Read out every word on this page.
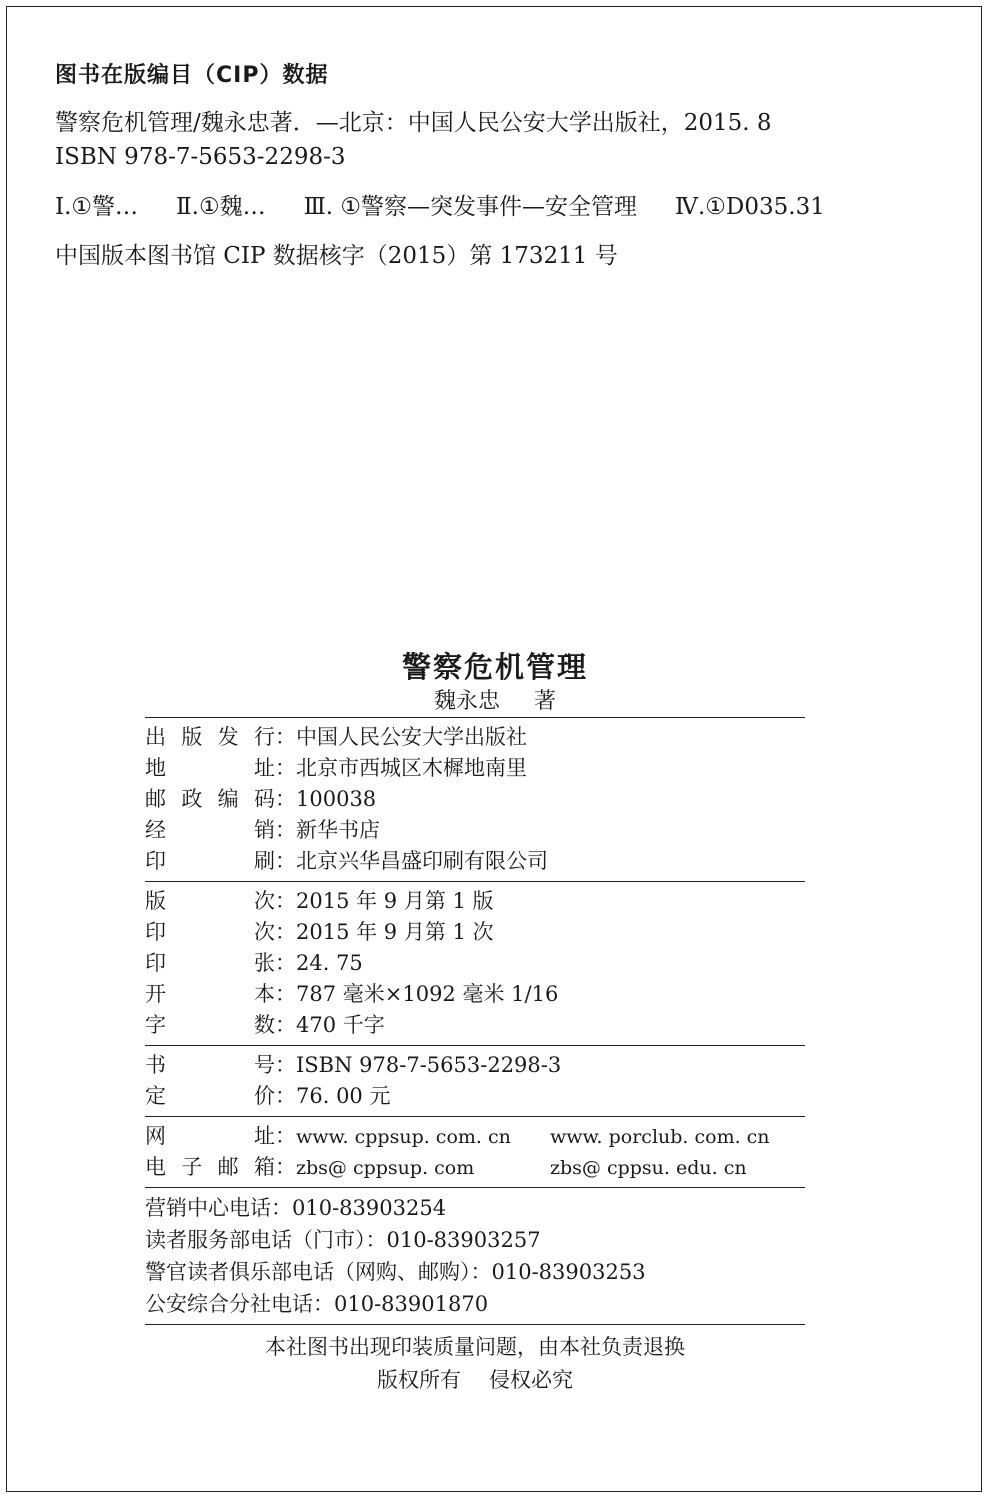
图书在版编目（CIP）数据
警察危机管理/魏永忠著．—北京：中国人民公安大学出版社，2015. 8
ISBN 978-7-5653-2298-3
Ⅰ.①警… Ⅱ.①魏… Ⅲ. ①警察—突发事件—安全管理 Ⅳ.①D035.31
中国版本图书馆 CIP 数据核字（2015）第 173211 号
警察危机管理
魏永忠 著
出版发行 ： 中国人民公安大学出版社
地址 ： 北京市西城区木樨地南里
邮政编码 ： 100038
经销 ： 新华书店
印刷 ： 北京兴华昌盛印刷有限公司
版次 ： 2015 年 9 月第 1 版
印次 ： 2015 年 9 月第 1 次
印张 ： 24. 75
开本 ： 787 毫米×1092 毫米 1/16
字数 ： 470 千字
书号 ： ISBN 978-7-5653-2298-3
定价 ： 76. 00 元
网址 ： www. cppsup. com. cn	www. porclub. com. cn
电子邮箱 ： zbs@ cppsup. com	zbs@ cppsu. edu. cn
营销中心电话：010-83903254
读者服务部电话（门市）：010-83903257
警官读者俱乐部电话（网购、邮购）：010-83903253
公安综合分社电话：010-83901870
本社图书出现印装质量问题，由本社负责退换
版权所有 侵权必究
